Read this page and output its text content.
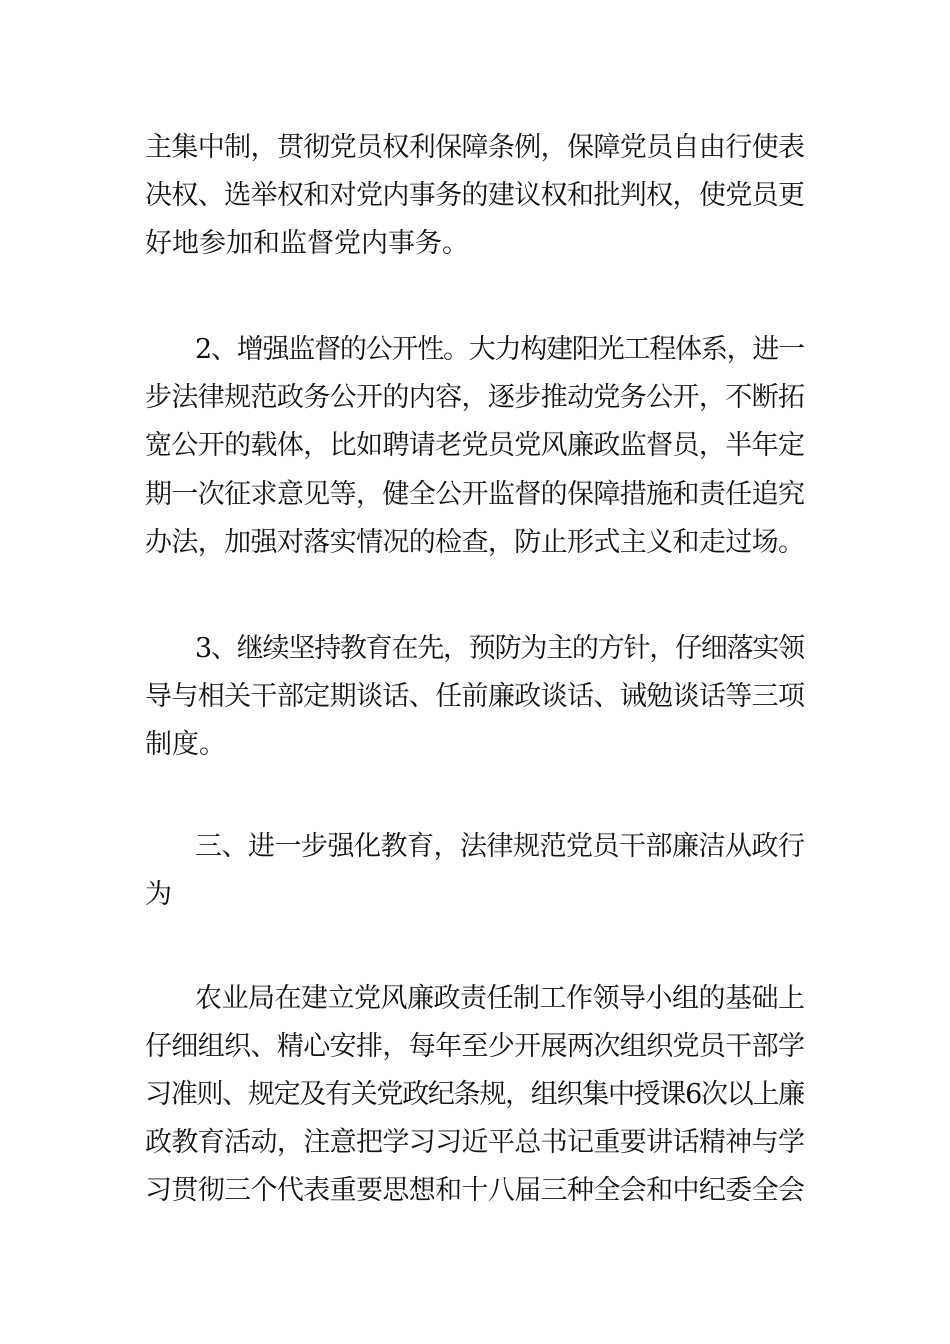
主集中制，贯彻党员权利保障条例，保障党员自由行使表
决权、选举权和对党内事务的建议权和批判权，使党员更
好地参加和监督党内事务。
2、增强监督的公开性。大力构建阳光工程体系，进一
步法律规范政务公开的内容，逐步推动党务公开，不断拓
宽公开的载体，比如聘请老党员党风廉政监督员，半年定
期一次征求意见等，健全公开监督的保障措施和责任追究
办法，加强对落实情况的检查，防止形式主义和走过场。
3、继续坚持教育在先，预防为主的方针，仔细落实领
导与相关干部定期谈话、任前廉政谈话、诫勉谈话等三项
制度。
三、进一步强化教育，法律规范党员干部廉洁从政行
为
农业局在建立党风廉政责任制工作领导小组的基础上
仔细组织、精心安排，每年至少开展两次组织党员干部学
习准则、规定及有关党政纪条规，组织集中授课6次以上廉
政教育活动，注意把学习习近平总书记重要讲话精神与学
习贯彻三个代表重要思想和十八届三种全会和中纪委全会
